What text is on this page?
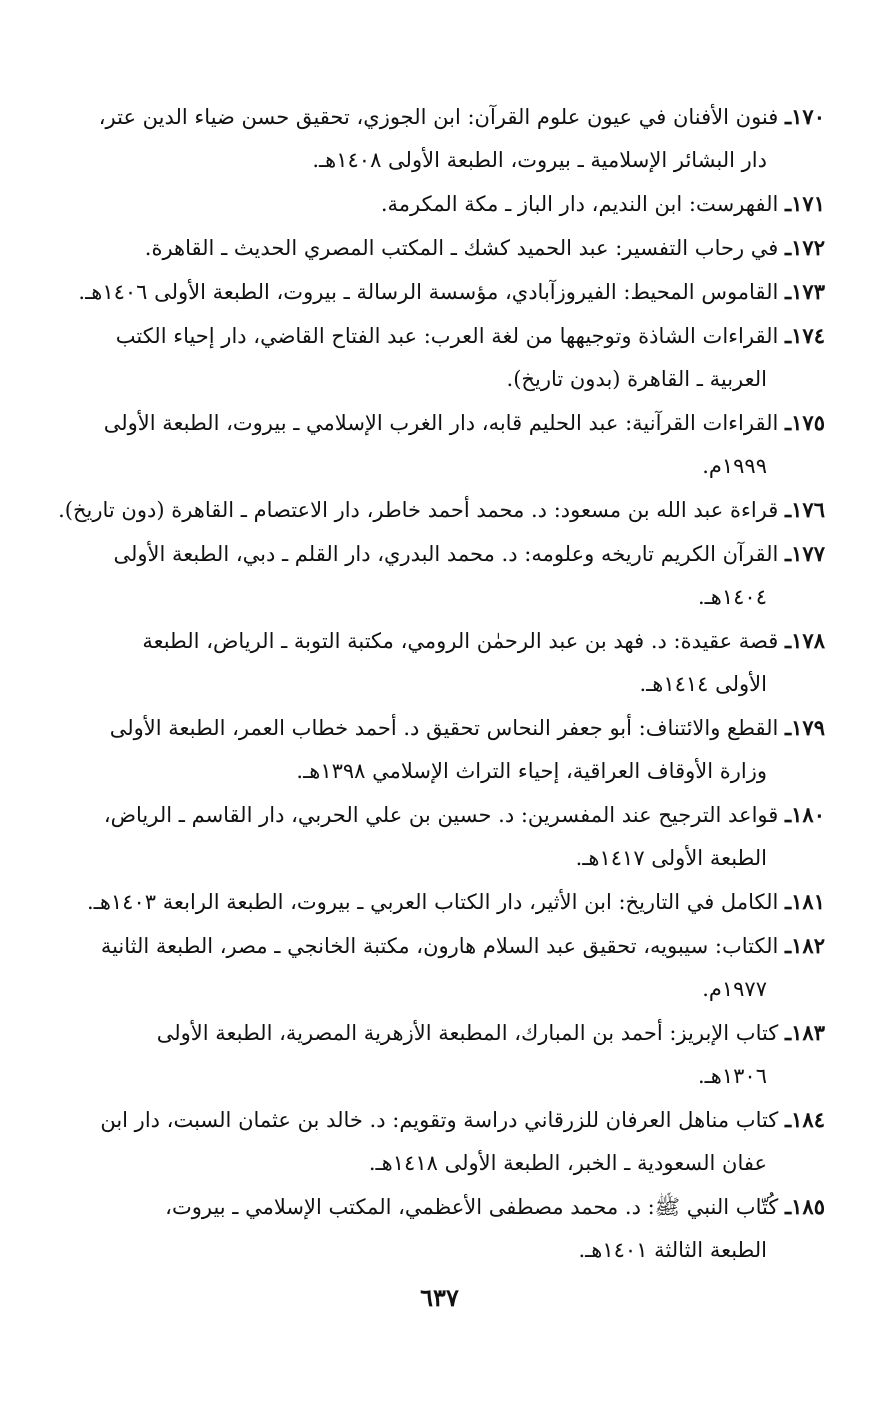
١٧٠ـ فنون الأفنان في عيون علوم القرآن: ابن الجوزي، تحقيق حسن ضياء الدين عتر،
دار البشائر الإسلامية ـ بيروت، الطبعة الأولى ١٤٠٨هـ.
١٧١ـ الفهرست: ابن النديم، دار الباز ـ مكة المكرمة.
١٧٢ـ في رحاب التفسير: عبد الحميد كشك ـ المكتب المصري الحديث ـ القاهرة.
١٧٣ـ القاموس المحيط: الفيروزآبادي، مؤسسة الرسالة ـ بيروت، الطبعة الأولى ١٤٠٦هـ.
١٧٤ـ القراءات الشاذة وتوجيهها من لغة العرب: عبد الفتاح القاضي، دار إحياء الكتب
العربية ـ القاهرة (بدون تاريخ).
١٧٥ـ القراءات القرآنية: عبد الحليم قابه، دار الغرب الإسلامي ـ بيروت، الطبعة الأولى
١٩٩٩م.
١٧٦ـ قراءة عبد الله بن مسعود: د. محمد أحمد خاطر، دار الاعتصام ـ القاهرة (دون تاريخ).
١٧٧ـ القرآن الكريم تاريخه وعلومه: د. محمد البدري، دار القلم ـ دبي، الطبعة الأولى
١٤٠٤هـ.
١٧٨ـ قصة عقيدة: د. فهد بن عبد الرحمٰن الرومي، مكتبة التوبة ـ الرياض، الطبعة
الأولى ١٤١٤هـ.
١٧٩ـ القطع والائتناف: أبو جعفر النحاس تحقيق د. أحمد خطاب العمر، الطبعة الأولى
وزارة الأوقاف العراقية، إحياء التراث الإسلامي ١٣٩٨هـ.
١٨٠ـ قواعد الترجيح عند المفسرين: د. حسين بن علي الحربي، دار القاسم ـ الرياض،
الطبعة الأولى ١٤١٧هـ.
١٨١ـ الكامل في التاريخ: ابن الأثير، دار الكتاب العربي ـ بيروت، الطبعة الرابعة ١٤٠٣هـ.
١٨٢ـ الكتاب: سيبويه، تحقيق عبد السلام هارون، مكتبة الخانجي ـ مصر، الطبعة الثانية
١٩٧٧م.
١٨٣ـ كتاب الإبريز: أحمد بن المبارك، المطبعة الأزهرية المصرية، الطبعة الأولى
١٣٠٦هـ.
١٨٤ـ كتاب مناهل العرفان للزرقاني دراسة وتقويم: د. خالد بن عثمان السبت، دار ابن
عفان السعودية ـ الخبر، الطبعة الأولى ١٤١٨هـ.
١٨٥ـ كُتّاب النبي ﷺ: د. محمد مصطفى الأعظمي، المكتب الإسلامي ـ بيروت،
الطبعة الثالثة ١٤٠١هـ.
٦٣٧
